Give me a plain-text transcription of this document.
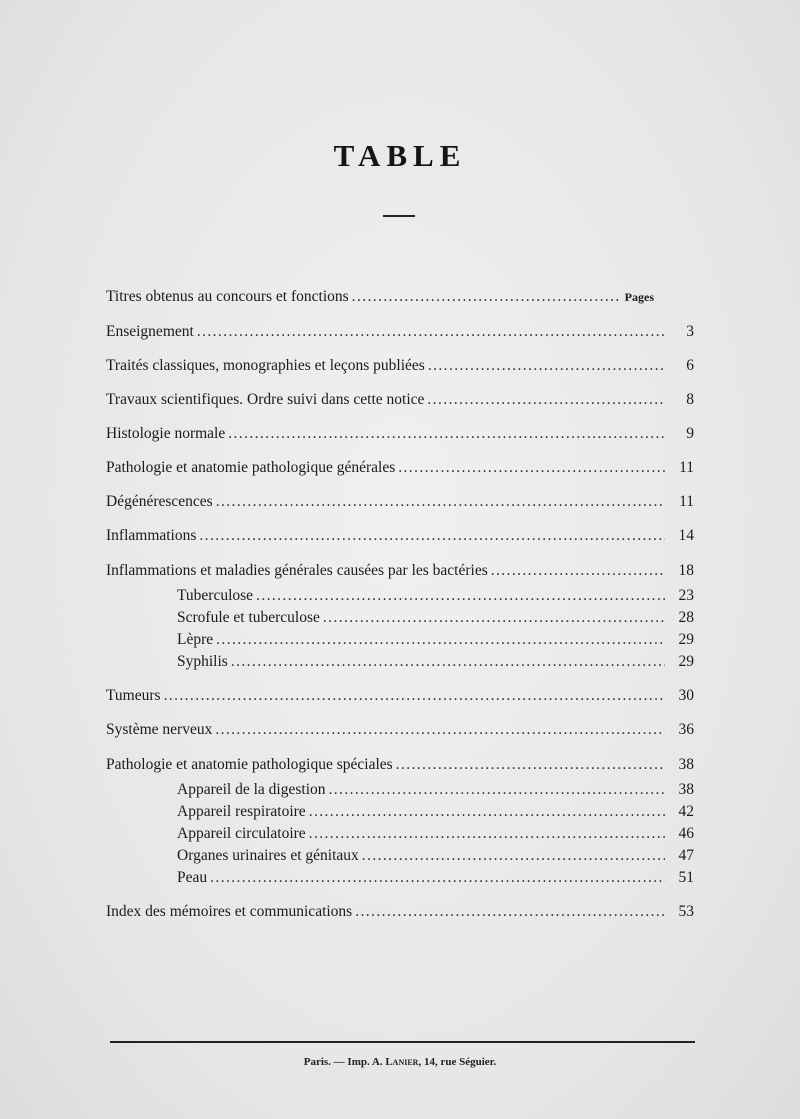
TABLE
Titres obtenus au concours et fonctions .....	Pages
Enseignement .....	3
Traités classiques, monographies et leçons publiées .....	6
Travaux scientifiques. Ordre suivi dans cette notice .....	8
Histologie normale .....	9
Pathologie et anatomie pathologique générales .....	11
Dégénérescences .....	11
Inflammations .....	14
Inflammations et maladies générales causées par les bactéries .....	18
Tuberculose .....	23
Scrofule et tuberculose .....	28
Lèpre .....	29
Syphilis .....	29
Tumeurs .....	30
Système nerveux .....	36
Pathologie et anatomie pathologique spéciales .....	38
Appareil de la digestion .....	38
Appareil respiratoire .....	42
Appareil circulatoire .....	46
Organes urinaires et génitaux .....	47
Peau .....	51
Index des mémoires et communications .....	53
Paris. — Imp. A. Lanier, 14, rue Séguier.
